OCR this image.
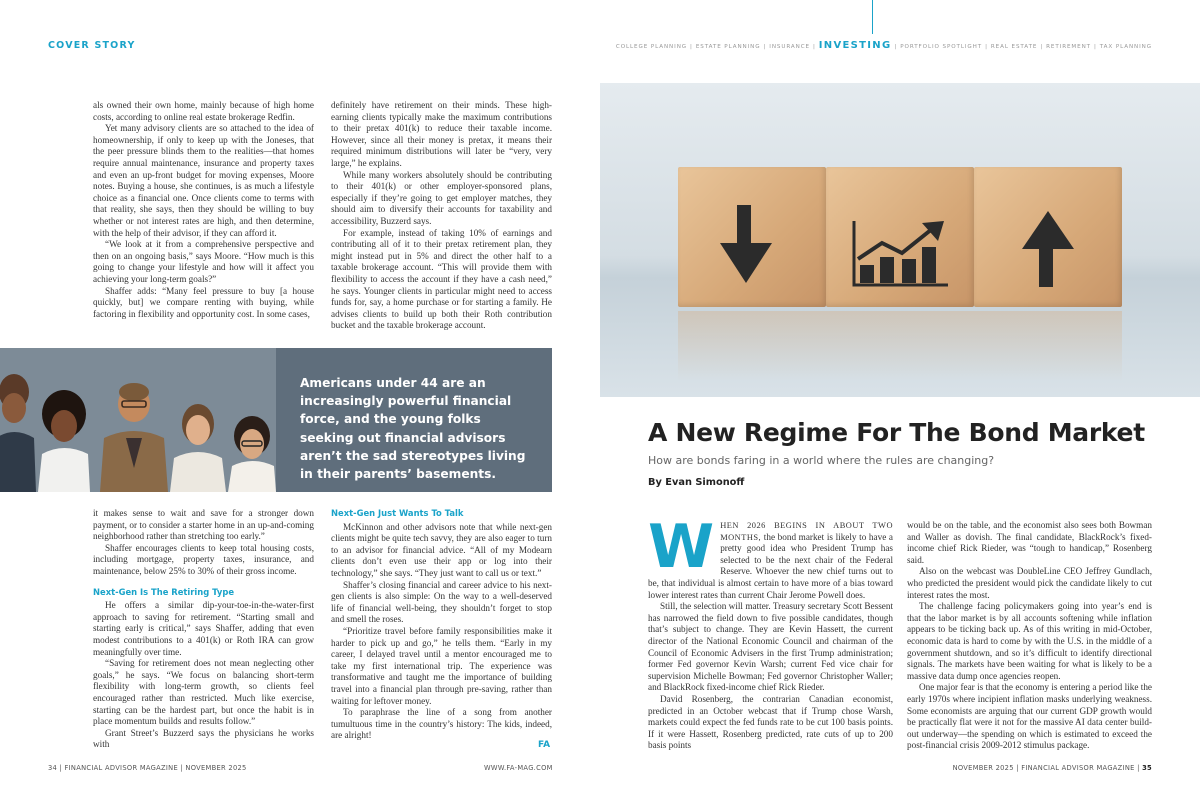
COVER STORY	COLLEGE PLANNING | ESTATE PLANNING | INSURANCE | INVESTING | PORTFOLIO SPOTLIGHT | REAL ESTATE | RETIREMENT | TAX PLANNING

als owned their own home, mainly because of high home costs, according to online real estate brokerage Redfin.

Yet many advisory clients are so attached to the idea of homeownership, if only to keep up with the Joneses, that the peer pressure blinds them to the realities—that homes require annual maintenance, insurance and property taxes and even an up-front budget for moving expenses, Moore notes. Buying a house, she continues, is as much a lifestyle choice as a financial one. Once clients come to terms with that reality, she says, then they should be willing to buy whether or not interest rates are high, and then determine, with the help of their advisor, if they can afford it.

“We look at it from a comprehensive perspective and then on an ongoing basis,” says Moore. “How much is this going to change your lifestyle and how will it affect you achieving your long-term goals?”

Shaffer adds: “Many feel pressure to buy [a house quickly, but] we compare renting with buying, while factoring in flexibility and opportunity cost. In some cases,

definitely have retirement on their minds. These high-earning clients typically make the maximum contributions to their pretax 401(k) to reduce their taxable income. However, since all their money is pretax, it means their required minimum distributions will later be “very, very large,” he explains.

While many workers absolutely should be contributing to their 401(k) or other employer-sponsored plans, especially if they’re going to get employer matches, they should aim to diversify their accounts for taxability and accessibility, Buzzerd says.

For example, instead of taking 10% of earnings and contributing all of it to their pretax retirement plan, they might instead put in 5% and direct the other half to a taxable brokerage account. “This will provide them with flexibility to access the account if they have a cash need,” he says. Younger clients in particular might need to access funds for, say, a home purchase or for starting a family. He advises clients to build up both their Roth contribution bucket and the taxable brokerage account.

Americans under 44 are an increasingly powerful financial force, and the young folks seeking out financial advisors aren’t the sad stereotypes living in their parents’ basements.

it makes sense to wait and save for a stronger down payment, or to consider a starter home in an up-and-coming neighborhood rather than stretching too early.”

Shaffer encourages clients to keep total housing costs, including mortgage, property taxes, insurance, and maintenance, below 25% to 30% of their gross income.

Next-Gen Is The Retiring Type

He offers a similar dip-your-toe-in-the-water-first approach to saving for retirement. “Starting small and starting early is critical,” says Shaffer, adding that even modest contributions to a 401(k) or Roth IRA can grow meaningfully over time.

“Saving for retirement does not mean neglecting other goals,” he says. “We focus on balancing short-term flexibility with long-term growth, so clients feel encouraged rather than restricted. Much like exercise, starting can be the hardest part, but once the habit is in place momentum builds and results follow.”

Grant Street’s Buzzerd says the physicians he works with

Next-Gen Just Wants To Talk

McKinnon and other advisors note that while next-gen clients might be quite tech savvy, they are also eager to turn to an advisor for financial advice. “All of my Modearn clients don’t even use their app or log into their technology,” she says. “They just want to call us or text.”

Shaffer’s closing financial and career advice to his next-gen clients is also simple: On the way to a well-deserved life of financial well-being, they shouldn’t forget to stop and smell the roses.

“Prioritize travel before family responsibilities make it harder to pick up and go,” he tells them. “Early in my career, I delayed travel until a mentor encouraged me to take my first international trip. The experience was transformative and taught me the importance of building travel into a financial plan through pre-saving, rather than waiting for leftover money.

To paraphrase the line of a song from another tumultuous time in the country’s history: The kids, indeed, are alright!

FA
A New Regime For The Bond Market
How are bonds faring in a world where the rules are changing?
By Evan Simonoff

WHEN 2026 BEGINS IN ABOUT TWO MONTHS, the bond market is likely to have a pretty good idea who President Trump has selected to be the next chair of the Federal Reserve. Whoever the new chief turns out to be, that individual is almost certain to have more of a bias toward lower interest rates than current Chair Jerome Powell does.

Still, the selection will matter. Treasury secretary Scott Bessent has narrowed the field down to five possible candidates, though that’s subject to change. They are Kevin Hassett, the current director of the National Economic Council and chairman of the Council of Economic Advisers in the first Trump administration; former Fed governor Kevin Warsh; current Fed vice chair for supervision Michelle Bowman; Fed governor Christopher Waller; and BlackRock fixed-income chief Rick Rieder.

David Rosenberg, the contrarian Canadian economist, predicted in an October webcast that if Trump chose Warsh, markets could expect the fed funds rate to be cut 100 basis points. If it were Hassett, Rosenberg predicted, rate cuts of up to 200 basis points

would be on the table, and the economist also sees both Bowman and Waller as dovish. The final candidate, BlackRock’s fixed-income chief Rick Rieder, was “tough to handicap,” Rosenberg said.

Also on the webcast was DoubleLine CEO Jeffrey Gundlach, who predicted the president would pick the candidate likely to cut interest rates the most.

The challenge facing policymakers going into year’s end is that the labor market is by all accounts softening while inflation appears to be ticking back up. As of this writing in mid-October, economic data is hard to come by with the U.S. in the middle of a government shutdown, and so it’s difficult to identify directional signals. The markets have been waiting for what is likely to be a massive data dump once agencies reopen.

One major fear is that the economy is entering a period like the early 1970s where incipient inflation masks underlying weakness. Some economists are arguing that our current GDP growth would be practically flat were it not for the massive AI data center build-out underway—the spending on which is estimated to exceed the post-financial crisis 2009-2012 stimulus package.

34 | FINANCIAL ADVISOR MAGAZINE | NOVEMBER 2025	WWW.FA-MAG.COM	NOVEMBER 2025 | FINANCIAL ADVISOR MAGAZINE | 35
